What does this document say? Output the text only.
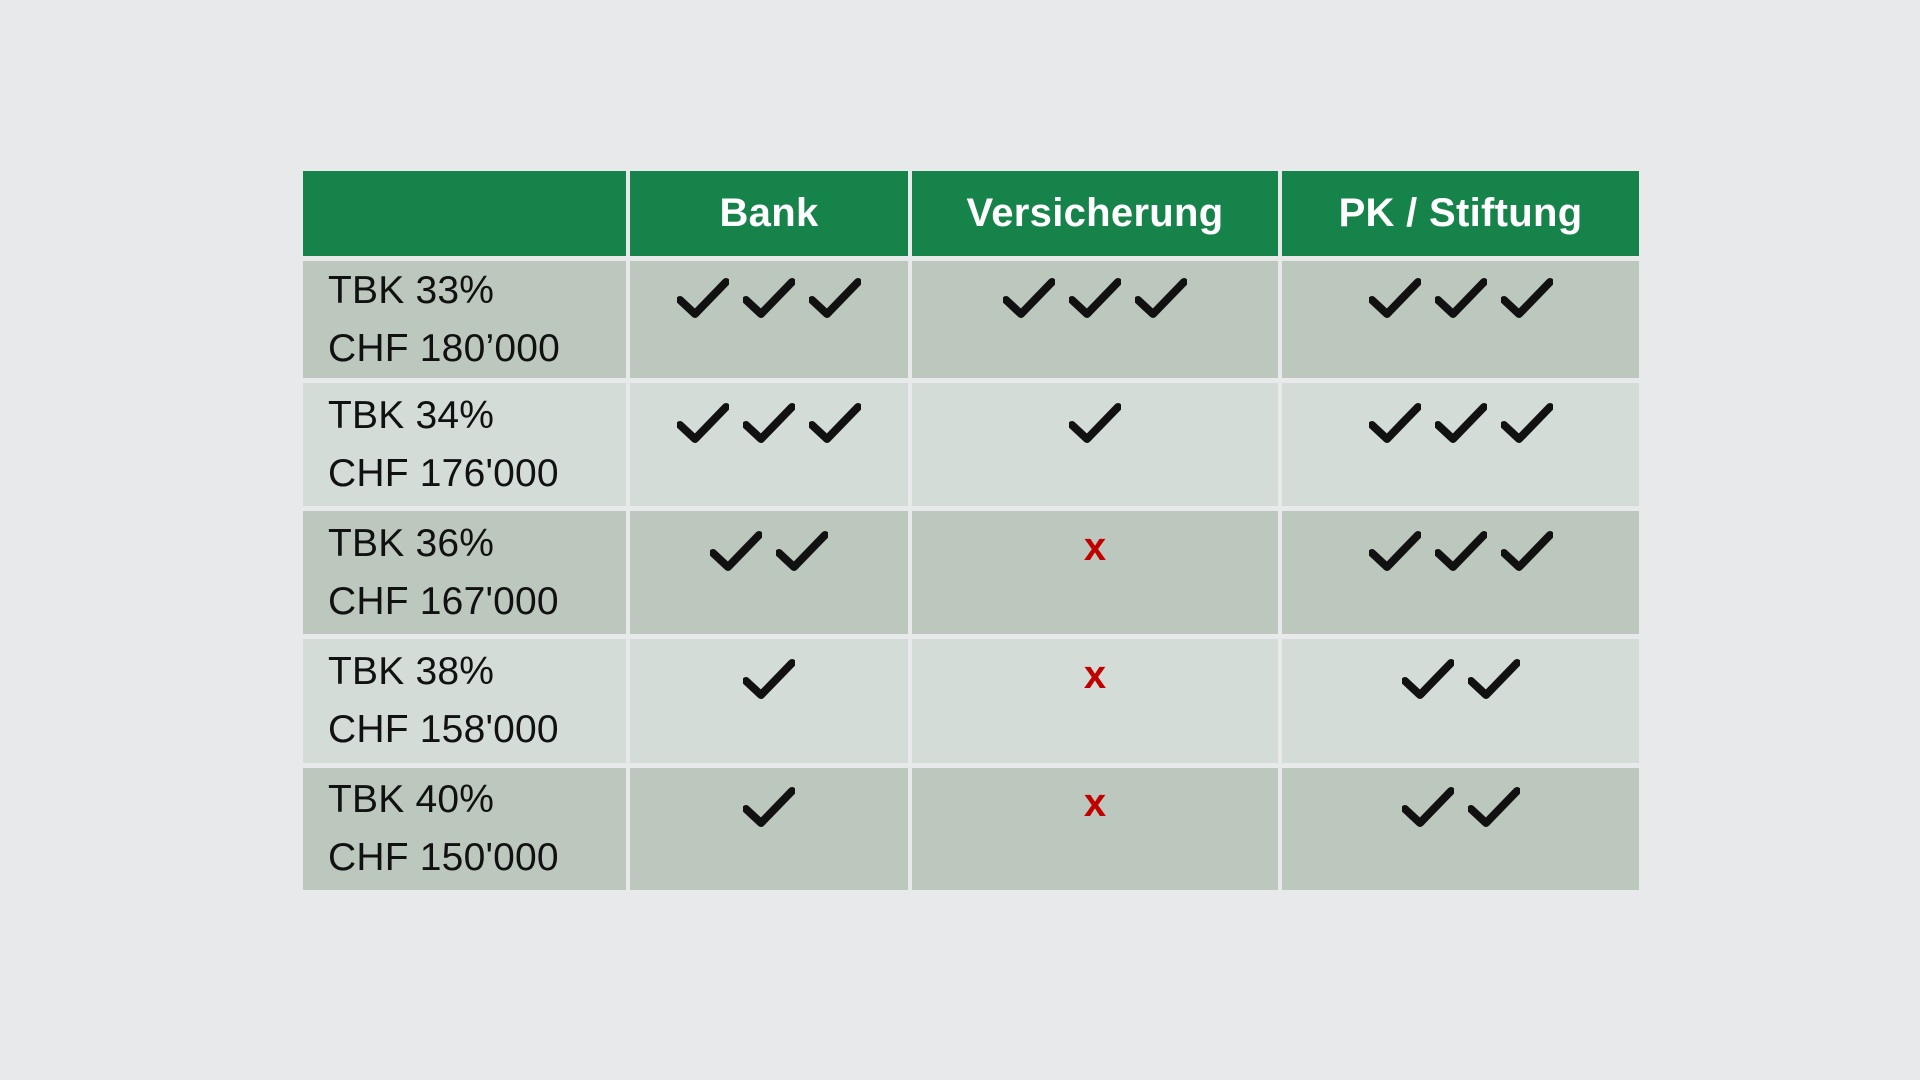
Bank	Versicherung	PK / Stiftung
TBK 33%
CHF 180’000
TBK 34%
CHF 176'000
TBK 36%
CHF 167'000
x
TBK 38%
CHF 158'000
x
TBK 40%
CHF 150'000
x
